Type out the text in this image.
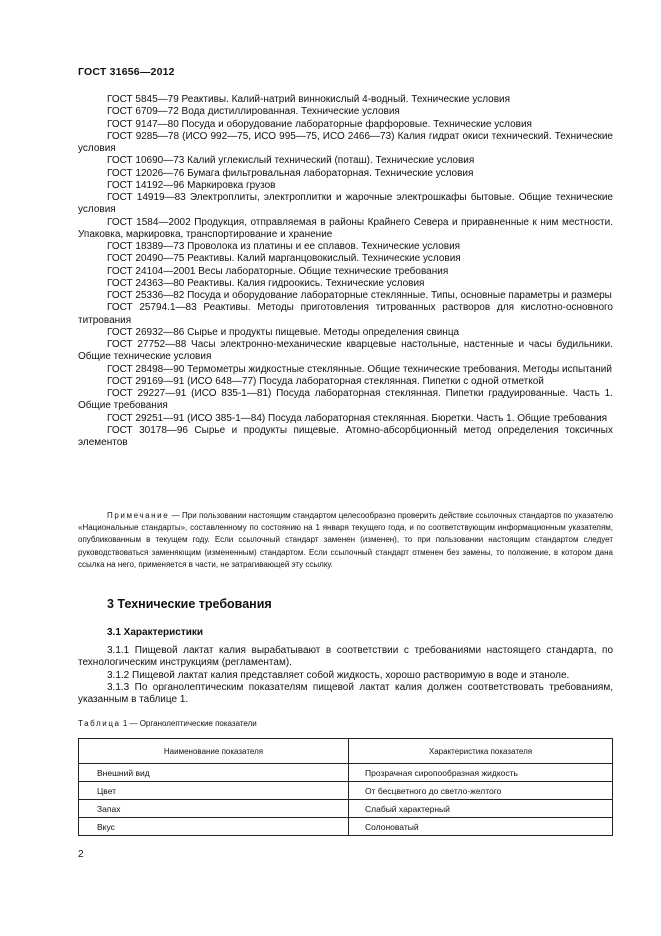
ГОСТ 31656—2012

ГОСТ 5845—79 Реактивы. Калий-натрий виннокислый 4-водный. Технические условия

ГОСТ 6709—72 Вода дистиллированная. Технические условия

ГОСТ 9147—80 Посуда и оборудование лабораторные фарфоровые. Технические условия

ГОСТ 9285—78 (ИСО 992—75, ИСО 995—75, ИСО 2466—73) Калия гидрат окиси технический. Технические условия

ГОСТ 10690—73 Калий углекислый технический (поташ). Технические условия

ГОСТ 12026—76 Бумага фильтровальная лабораторная. Технические условия

ГОСТ 14192—96 Маркировка грузов

ГОСТ 14919—83 Электроплиты, электроплитки и жарочные электрошкафы бытовые. Общие технические условия

ГОСТ 1584—2002 Продукция, отправляемая в районы Крайнего Севера и приравненные к ним местности. Упаковка, маркировка, транспортирование и хранение

ГОСТ 18389—73 Проволока из платины и ее сплавов. Технические условия

ГОСТ 20490—75 Реактивы. Калий марганцовокислый. Технические условия

ГОСТ 24104—2001 Весы лабораторные. Общие технические требования

ГОСТ 24363—80 Реактивы. Калия гидроокись. Технические условия

ГОСТ 25336—82 Посуда и оборудование лабораторные стеклянные. Типы, основные параметры и размеры

ГОСТ 25794.1—83 Реактивы. Методы приготовления титрованных растворов для кислотно-основного титрования

ГОСТ 26932—86 Сырье и продукты пищевые. Методы определения свинца

ГОСТ 27752—88 Часы электронно-механические кварцевые настольные, настенные и часы будильники. Общие технические условия

ГОСТ 28498—90 Термометры жидкостные стеклянные. Общие технические требования. Методы испытаний

ГОСТ 29169—91 (ИСО 648—77) Посуда лабораторная стеклянная. Пипетки с одной отметкой

ГОСТ 29227—91 (ИСО 835-1—81) Посуда лабораторная стеклянная. Пипетки градуированные. Часть 1. Общие требования

ГОСТ 29251—91 (ИСО 385-1—84) Посуда лабораторная стеклянная. Бюретки. Часть 1. Общие требования

ГОСТ 30178—96 Сырье и продукты пищевые. Атомно-абсорбционный метод определения токсичных элементов

Примечание — При пользовании настоящим стандартом целесообразно проверить действие ссылочных стандартов по указателю «Национальные стандарты», составленному по состоянию на 1 января текущего года, и по соответствующим информационным указателям, опубликованным в текущем году. Если ссылочный стандарт заменен (изменен), то при пользовании настоящим стандартом следует руководствоваться заменяющим (измененным) стандартом. Если ссылочный стандарт отменен без замены, то положение, в котором дана ссылка на него, применяется в части, не затрагивающей эту ссылку.

3 Технические требования
3.1 Характеристики

3.1.1 Пищевой лактат калия вырабатывают в соответствии с требованиями настоящего стандарта, по технологическим инструкциям (регламентам).

3.1.2 Пищевой лактат калия представляет собой жидкость, хорошо растворимую в воде и этаноле.

3.1.3 По органолептическим показателям пищевой лактат калия должен соответствовать требованиям, указанным в таблице 1.

Таблица 1 — Органолептические показатели
Наименование показателя	Характеристика показателя
Внешний вид	Прозрачная сиропообразная жидкость
Цвет	От бесцветного до светло-желтого
Запах	Слабый характерный
Вкус	Солоноватый
2
